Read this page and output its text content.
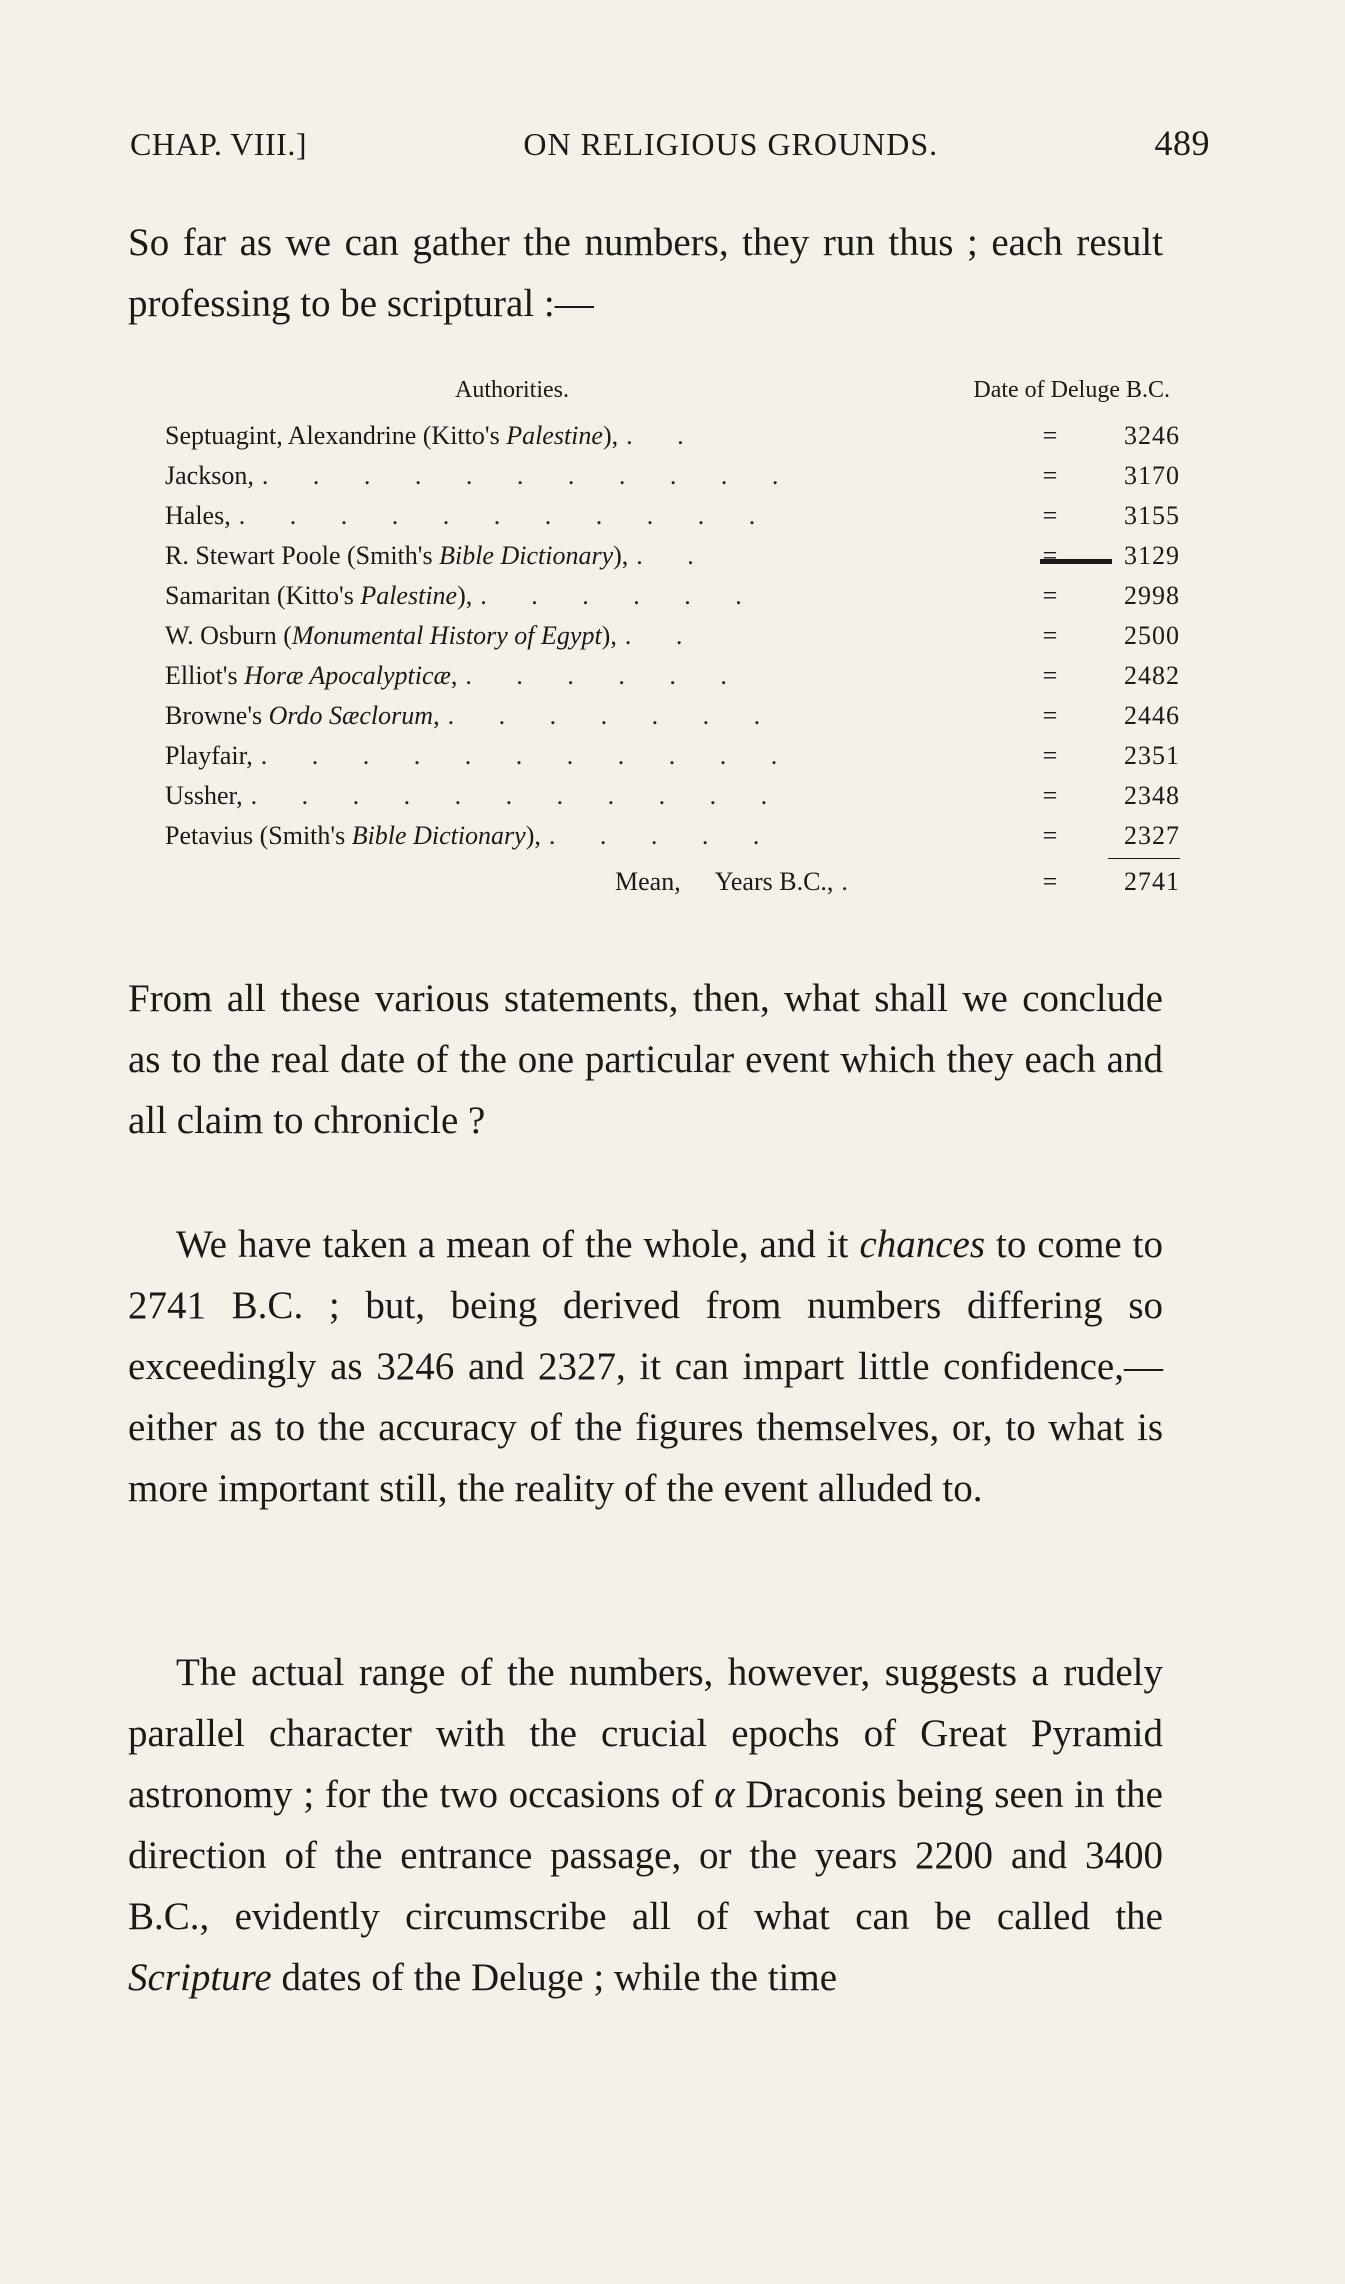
CHAP. VIII.]	ON RELIGIOUS GROUNDS.	489
So far as we can gather the numbers, they run thus ; each result professing to be scriptural :—
Authorities.	Date of Deluge B.C.
Septuagint, Alexandrine (Kitto's Palestine), . .	=	3246
Jackson, . . . . . . . . . . .	=	3170
Hales, . . . . . . . . . . .	=	3155
R. Stewart Poole (Smith's Bible Dictionary), . .	=	3129
Samaritan (Kitto's Palestine), . . . . . .	=	2998
W. Osburn (Monumental History of Egypt), . .	=	2500
Elliot's Horæ Apocalypticæ, . . . . . .	=	2482
Browne's Ordo Sæclorum, . . . . . . .	=	2446
Playfair, . . . . . . . . . . .	=	2351
Ussher, . . . . . . . . . . .	=	2348
Petavius (Smith's Bible Dictionary), . . . . .	=	2327
Mean, Years B.C., .	=	2741
From all these various statements, then, what shall we conclude as to the real date of the one particular event which they each and all claim to chronicle ?
We have taken a mean of the whole, and it chances to come to 2741 B.C. ; but, being derived from numbers differing so exceedingly as 3246 and 2327, it can impart little confidence,—either as to the accuracy of the figures themselves, or, to what is more important still, the reality of the event alluded to.
The actual range of the numbers, however, suggests a rudely parallel character with the crucial epochs of Great Pyramid astronomy ; for the two occasions of α Draconis being seen in the direction of the entrance passage, or the years 2200 and 3400 B.C., evidently circumscribe all of what can be called the Scripture dates of the Deluge ; while the time
